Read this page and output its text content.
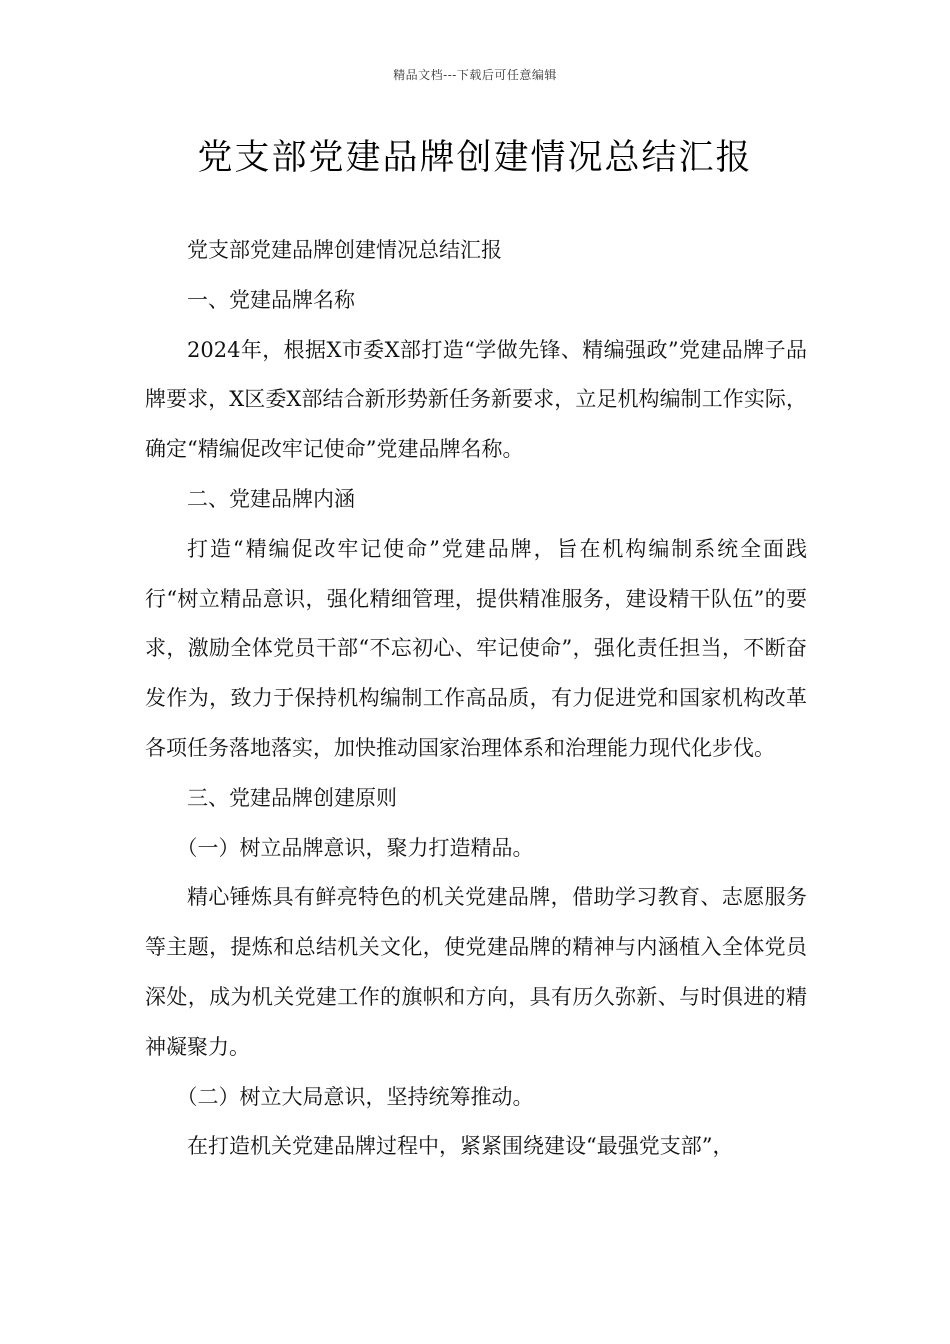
精品文档---下载后可任意编辑
党支部党建品牌创建情况总结汇报

党支部党建品牌创建情况总结汇报

一、党建品牌名称

2024年，根据X市委X部打造“学做先锋、精编强政”党建品牌子品牌要求，X区委X部结合新形势新任务新要求，立足机构编制工作实际，确定“精编促改牢记使命”党建品牌名称。

二、党建品牌内涵

打造“精编促改牢记使命”党建品牌，旨在机构编制系统全面践行“树立精品意识，强化精细管理，提供精准服务，建设精干队伍”的要求，激励全体党员干部“不忘初心、牢记使命”，强化责任担当，不断奋发作为，致力于保持机构编制工作高品质，有力促进党和国家机构改革各项任务落地落实，加快推动国家治理体系和治理能力现代化步伐。

三、党建品牌创建原则

（一）树立品牌意识，聚力打造精品。

精心锤炼具有鲜亮特色的机关党建品牌，借助学习教育、志愿服务等主题，提炼和总结机关文化，使党建品牌的精神与内涵植入全体党员深处，成为机关党建工作的旗帜和方向，具有历久弥新、与时俱进的精神凝聚力。

（二）树立大局意识，坚持统筹推动。

在打造机关党建品牌过程中，紧紧围绕建设“最强党支部”，
